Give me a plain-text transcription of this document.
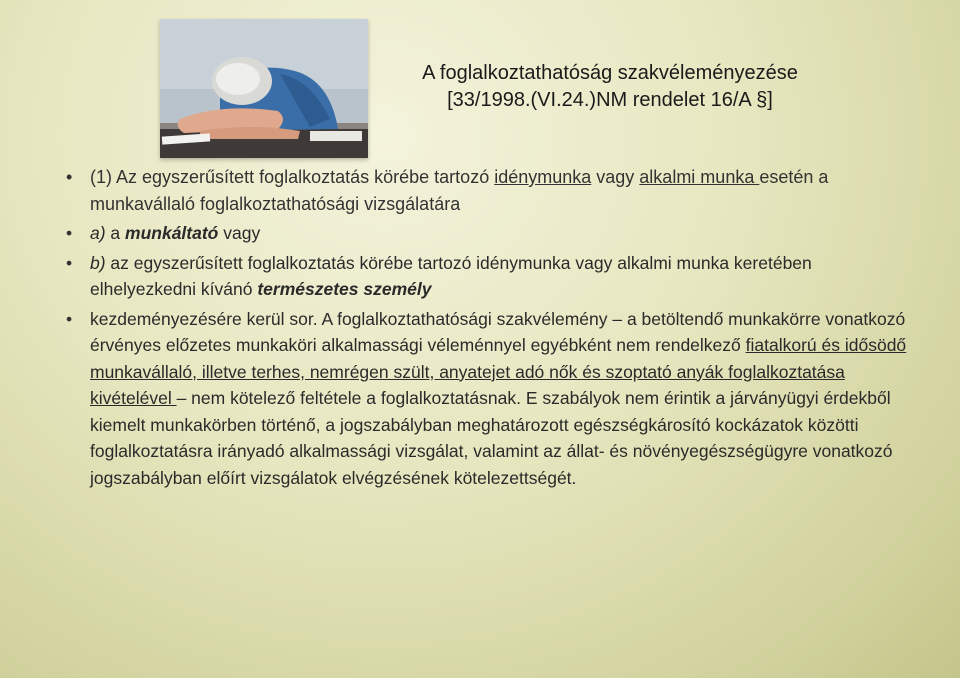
A foglalkoztathatóság szakvéleményezése
[33/1998.(VI.24.)NM rendelet 16/A §]

• (1) Az egyszerűsített foglalkoztatás körébe tartozó idénymunka vagy alkalmi munka esetén a munkavállaló foglalkoztathatósági vizsgálatára

• a) a munkáltató vagy

• b) az egyszerűsített foglalkoztatás körébe tartozó idénymunka vagy alkalmi munka keretében elhelyezkedni kívánó természetes személy

• kezdeményezésére kerül sor. A foglalkoztathatósági szakvélemény – a betöltendő munkakörre vonatkozó érvényes előzetes munkaköri alkalmassági véleménnyel egyébként nem rendelkező fiatalkorú és idősödő munkavállaló, illetve terhes, nemrégen szült, anyatejet adó nők és szoptató anyák foglalkoztatása kivételével – nem kötelező feltétele a foglalkoztatásnak. E szabályok nem érintik a járványügyi érdekből kiemelt munkakörben történő, a jogszabályban meghatározott egészségkárosító kockázatok közötti foglalkoztatásra irányadó alkalmassági vizsgálat, valamint az állat- és növényegészségügyre vonatkozó jogszabályban előírt vizsgálatok elvégzésének kötelezettségét.
